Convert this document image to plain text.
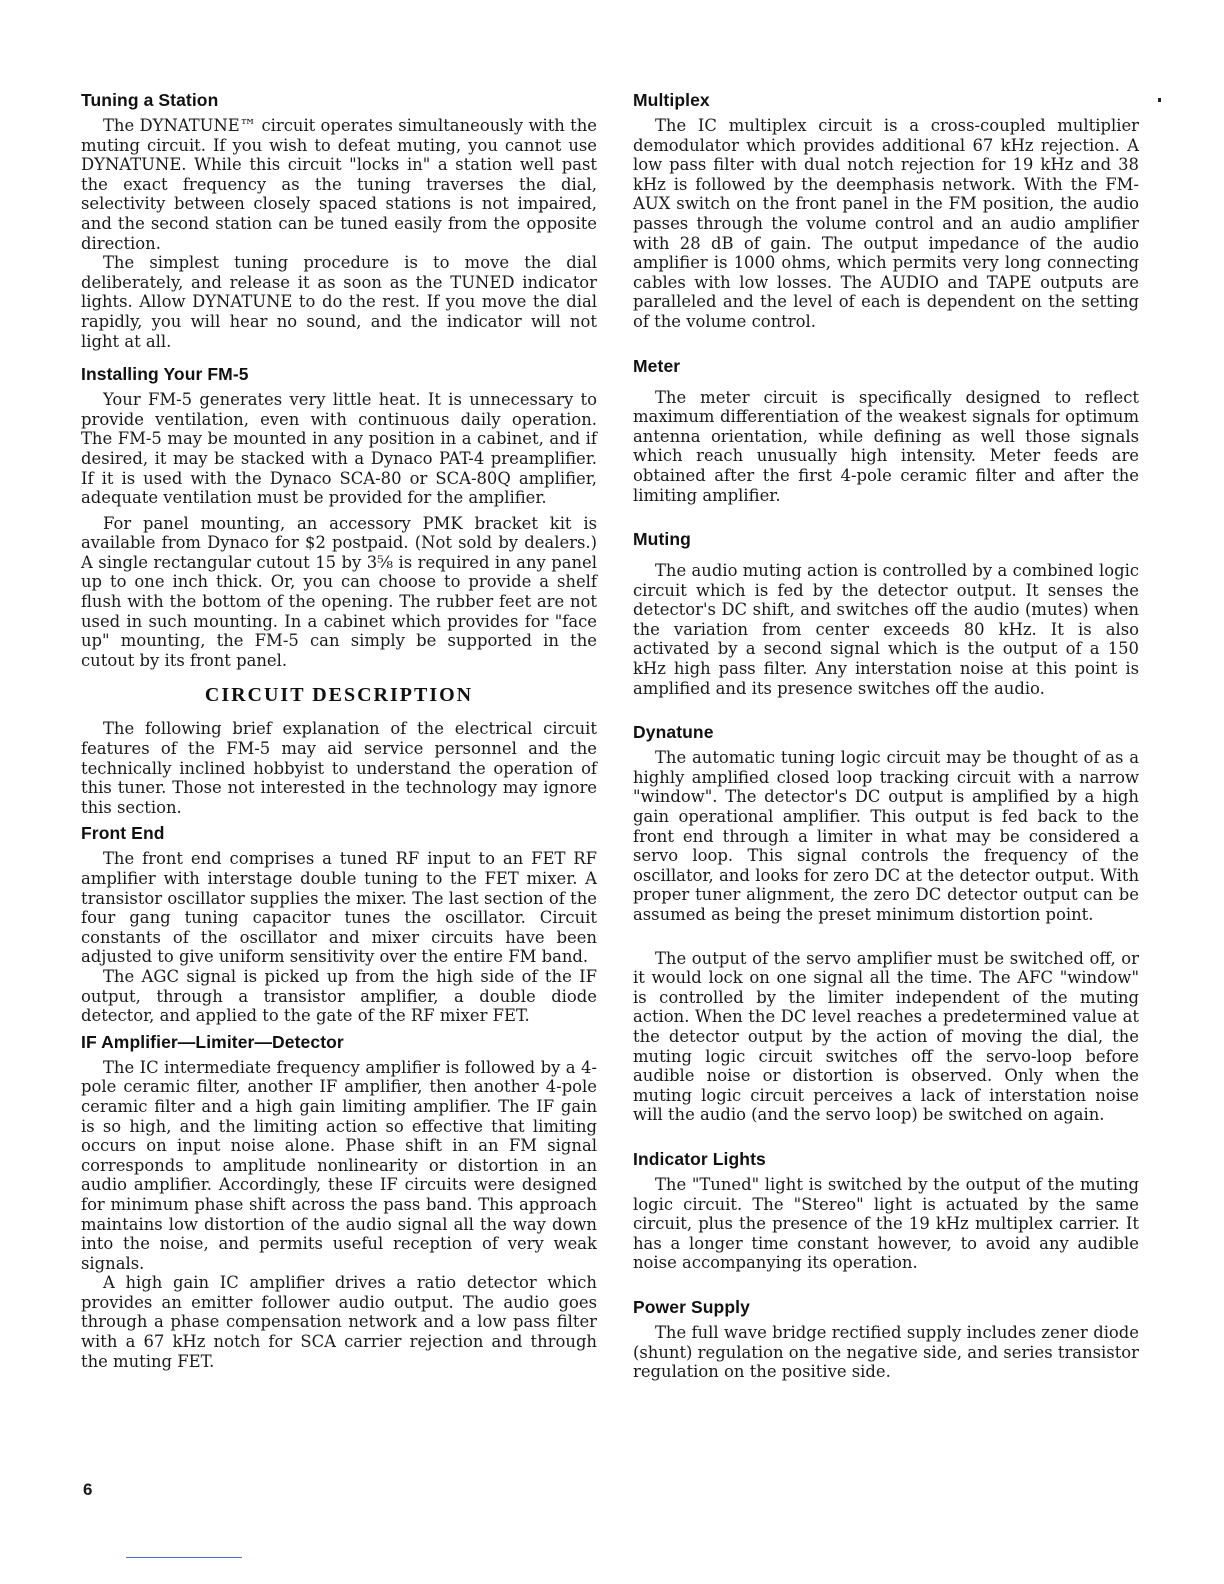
Tuning a Station

The DYNATUNE™ circuit operates simultaneously with the muting circuit. If you wish to defeat muting, you cannot use DYNATUNE. While this circuit "locks in" a station well past the exact frequency as the tuning traverses the dial, selectivity between closely spaced stations is not impaired, and the second station can be tuned easily from the opposite direction.

The simplest tuning procedure is to move the dial deliberately, and release it as soon as the TUNED indicator lights. Allow DYNATUNE to do the rest. If you move the dial rapidly, you will hear no sound, and the indicator will not light at all.

Installing Your FM-5

Your FM-5 generates very little heat. It is unnecessary to provide ventilation, even with continuous daily operation. The FM-5 may be mounted in any position in a cabinet, and if desired, it may be stacked with a Dynaco PAT-4 preamplifier. If it is used with the Dynaco SCA-80 or SCA-80Q amplifier, adequate ventilation must be provided for the amplifier.

For panel mounting, an accessory PMK bracket kit is available from Dynaco for $2 postpaid. (Not sold by dealers.) A single rectangular cutout 15 by 3⅝ is required in any panel up to one inch thick. Or, you can choose to provide a shelf flush with the bottom of the opening. The rubber feet are not used in such mounting. In a cabinet which provides for "face up" mounting, the FM-5 can simply be supported in the cutout by its front panel.

CIRCUIT DESCRIPTION

The following brief explanation of the electrical circuit features of the FM-5 may aid service personnel and the technically inclined hobbyist to understand the operation of this tuner. Those not interested in the technology may ignore this section.

Front End

The front end comprises a tuned RF input to an FET RF amplifier with interstage double tuning to the FET mixer. A transistor oscillator supplies the mixer. The last section of the four gang tuning capacitor tunes the oscillator. Circuit constants of the oscillator and mixer circuits have been adjusted to give uniform sensitivity over the entire FM band.

The AGC signal is picked up from the high side of the IF output, through a transistor amplifier, a double diode detector, and applied to the gate of the RF mixer FET.

IF Amplifier—Limiter—Detector

The IC intermediate frequency amplifier is followed by a 4-pole ceramic filter, another IF amplifier, then another 4-pole ceramic filter and a high gain limiting amplifier. The IF gain is so high, and the limiting action so effective that limiting occurs on input noise alone. Phase shift in an FM signal corresponds to amplitude nonlinearity or distortion in an audio amplifier. Accordingly, these IF circuits were designed for minimum phase shift across the pass band. This approach maintains low distortion of the audio signal all the way down into the noise, and permits useful reception of very weak signals.

A high gain IC amplifier drives a ratio detector which provides an emitter follower audio output. The audio goes through a phase compensation network and a low pass filter with a 67 kHz notch for SCA carrier rejection and through the muting FET.

Multiplex

The IC multiplex circuit is a cross-coupled multiplier demodulator which provides additional 67 kHz rejection. A low pass filter with dual notch rejection for 19 kHz and 38 kHz is followed by the deemphasis network. With the FM-AUX switch on the front panel in the FM position, the audio passes through the volume control and an audio amplifier with 28 dB of gain. The output impedance of the audio amplifier is 1000 ohms, which permits very long connecting cables with low losses. The AUDIO and TAPE outputs are paralleled and the level of each is dependent on the setting of the volume control.

Meter

The meter circuit is specifically designed to reflect maximum differentiation of the weakest signals for optimum antenna orientation, while defining as well those signals which reach unusually high intensity. Meter feeds are obtained after the first 4-pole ceramic filter and after the limiting amplifier.

Muting

The audio muting action is controlled by a combined logic circuit which is fed by the detector output. It senses the detector's DC shift, and switches off the audio (mutes) when the variation from center exceeds 80 kHz. It is also activated by a second signal which is the output of a 150 kHz high pass filter. Any interstation noise at this point is amplified and its presence switches off the audio.

Dynatune

The automatic tuning logic circuit may be thought of as a highly amplified closed loop tracking circuit with a narrow "window". The detector's DC output is amplified by a high gain operational amplifier. This output is fed back to the front end through a limiter in what may be considered a servo loop. This signal controls the frequency of the oscillator, and looks for zero DC at the detector output. With proper tuner alignment, the zero DC detector output can be assumed as being the preset minimum distortion point.

The output of the servo amplifier must be switched off, or it would lock on one signal all the time. The AFC "window" is controlled by the limiter independent of the muting action. When the DC level reaches a predetermined value at the detector output by the action of moving the dial, the muting logic circuit switches off the servo-loop before audible noise or distortion is observed. Only when the muting logic circuit perceives a lack of interstation noise will the audio (and the servo loop) be switched on again.

Indicator Lights

The "Tuned" light is switched by the output of the muting logic circuit. The "Stereo" light is actuated by the same circuit, plus the presence of the 19 kHz multiplex carrier. It has a longer time constant however, to avoid any audible noise accompanying its operation.

Power Supply

The full wave bridge rectified supply includes zener diode (shunt) regulation on the negative side, and series transistor regulation on the positive side.

6
